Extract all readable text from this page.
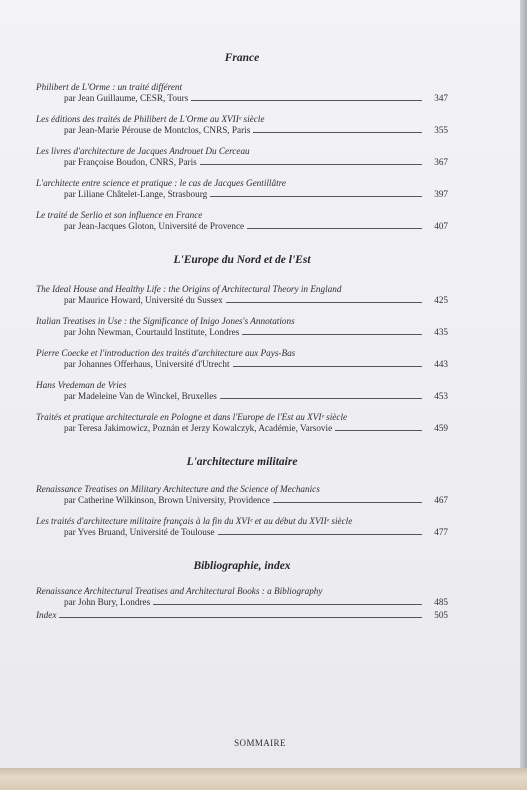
France

Philibert de L'Orme : un traité différent
par Jean Guillaume, CESR, Tours	347
Les éditions des traités de Philibert de L'Orme au XVIIᵉ siècle
par Jean-Marie Pérouse de Montclos, CNRS, Paris	355
Les livres d'architecture de Jacques Androuet Du Cerceau
par Françoise Boudon, CNRS, Paris	367
L'architecte entre science et pratique : le cas de Jacques Gentillâtre
par Liliane Châtelet-Lange, Strasbourg	397
Le traité de Serlio et son influence en France
par Jean-Jacques Gloton, Université de Provence	407

L'Europe du Nord et de l'Est

The Ideal House and Healthy Life : the Origins of Architectural Theory in England
par Maurice Howard, Université du Sussex	425
Italian Treatises in Use : the Significance of Inigo Jones's Annotations
par John Newman, Courtauld Institute, Londres	435
Pierre Coecke et l'introduction des traités d'architecture aux Pays-Bas
par Johannes Offerhaus, Université d'Utrecht	443
Hans Vredeman de Vries
par Madeleine Van de Winckel, Bruxelles	453
Traités et pratique architecturale en Pologne et dans l'Europe de l'Est au XVIᵉ siècle
par Teresa Jakimowicz, Poznán et Jerzy Kowalczyk, Académie, Varsovie	459

L'architecture militaire

Renaissance Treatises on Military Architecture and the Science of Mechanics
par Catherine Wilkinson, Brown University, Providence	467
Les traités d'architecture militaire français à la fin du XVIᵉ et au début du XVIIᵉ siècle
par Yves Bruand, Université de Toulouse	477

Bibliographie, index

Renaissance Architectural Treatises and Architectural Books : a Bibliography
par John Bury, Londres	485
Index	505
SOMMAIRE
